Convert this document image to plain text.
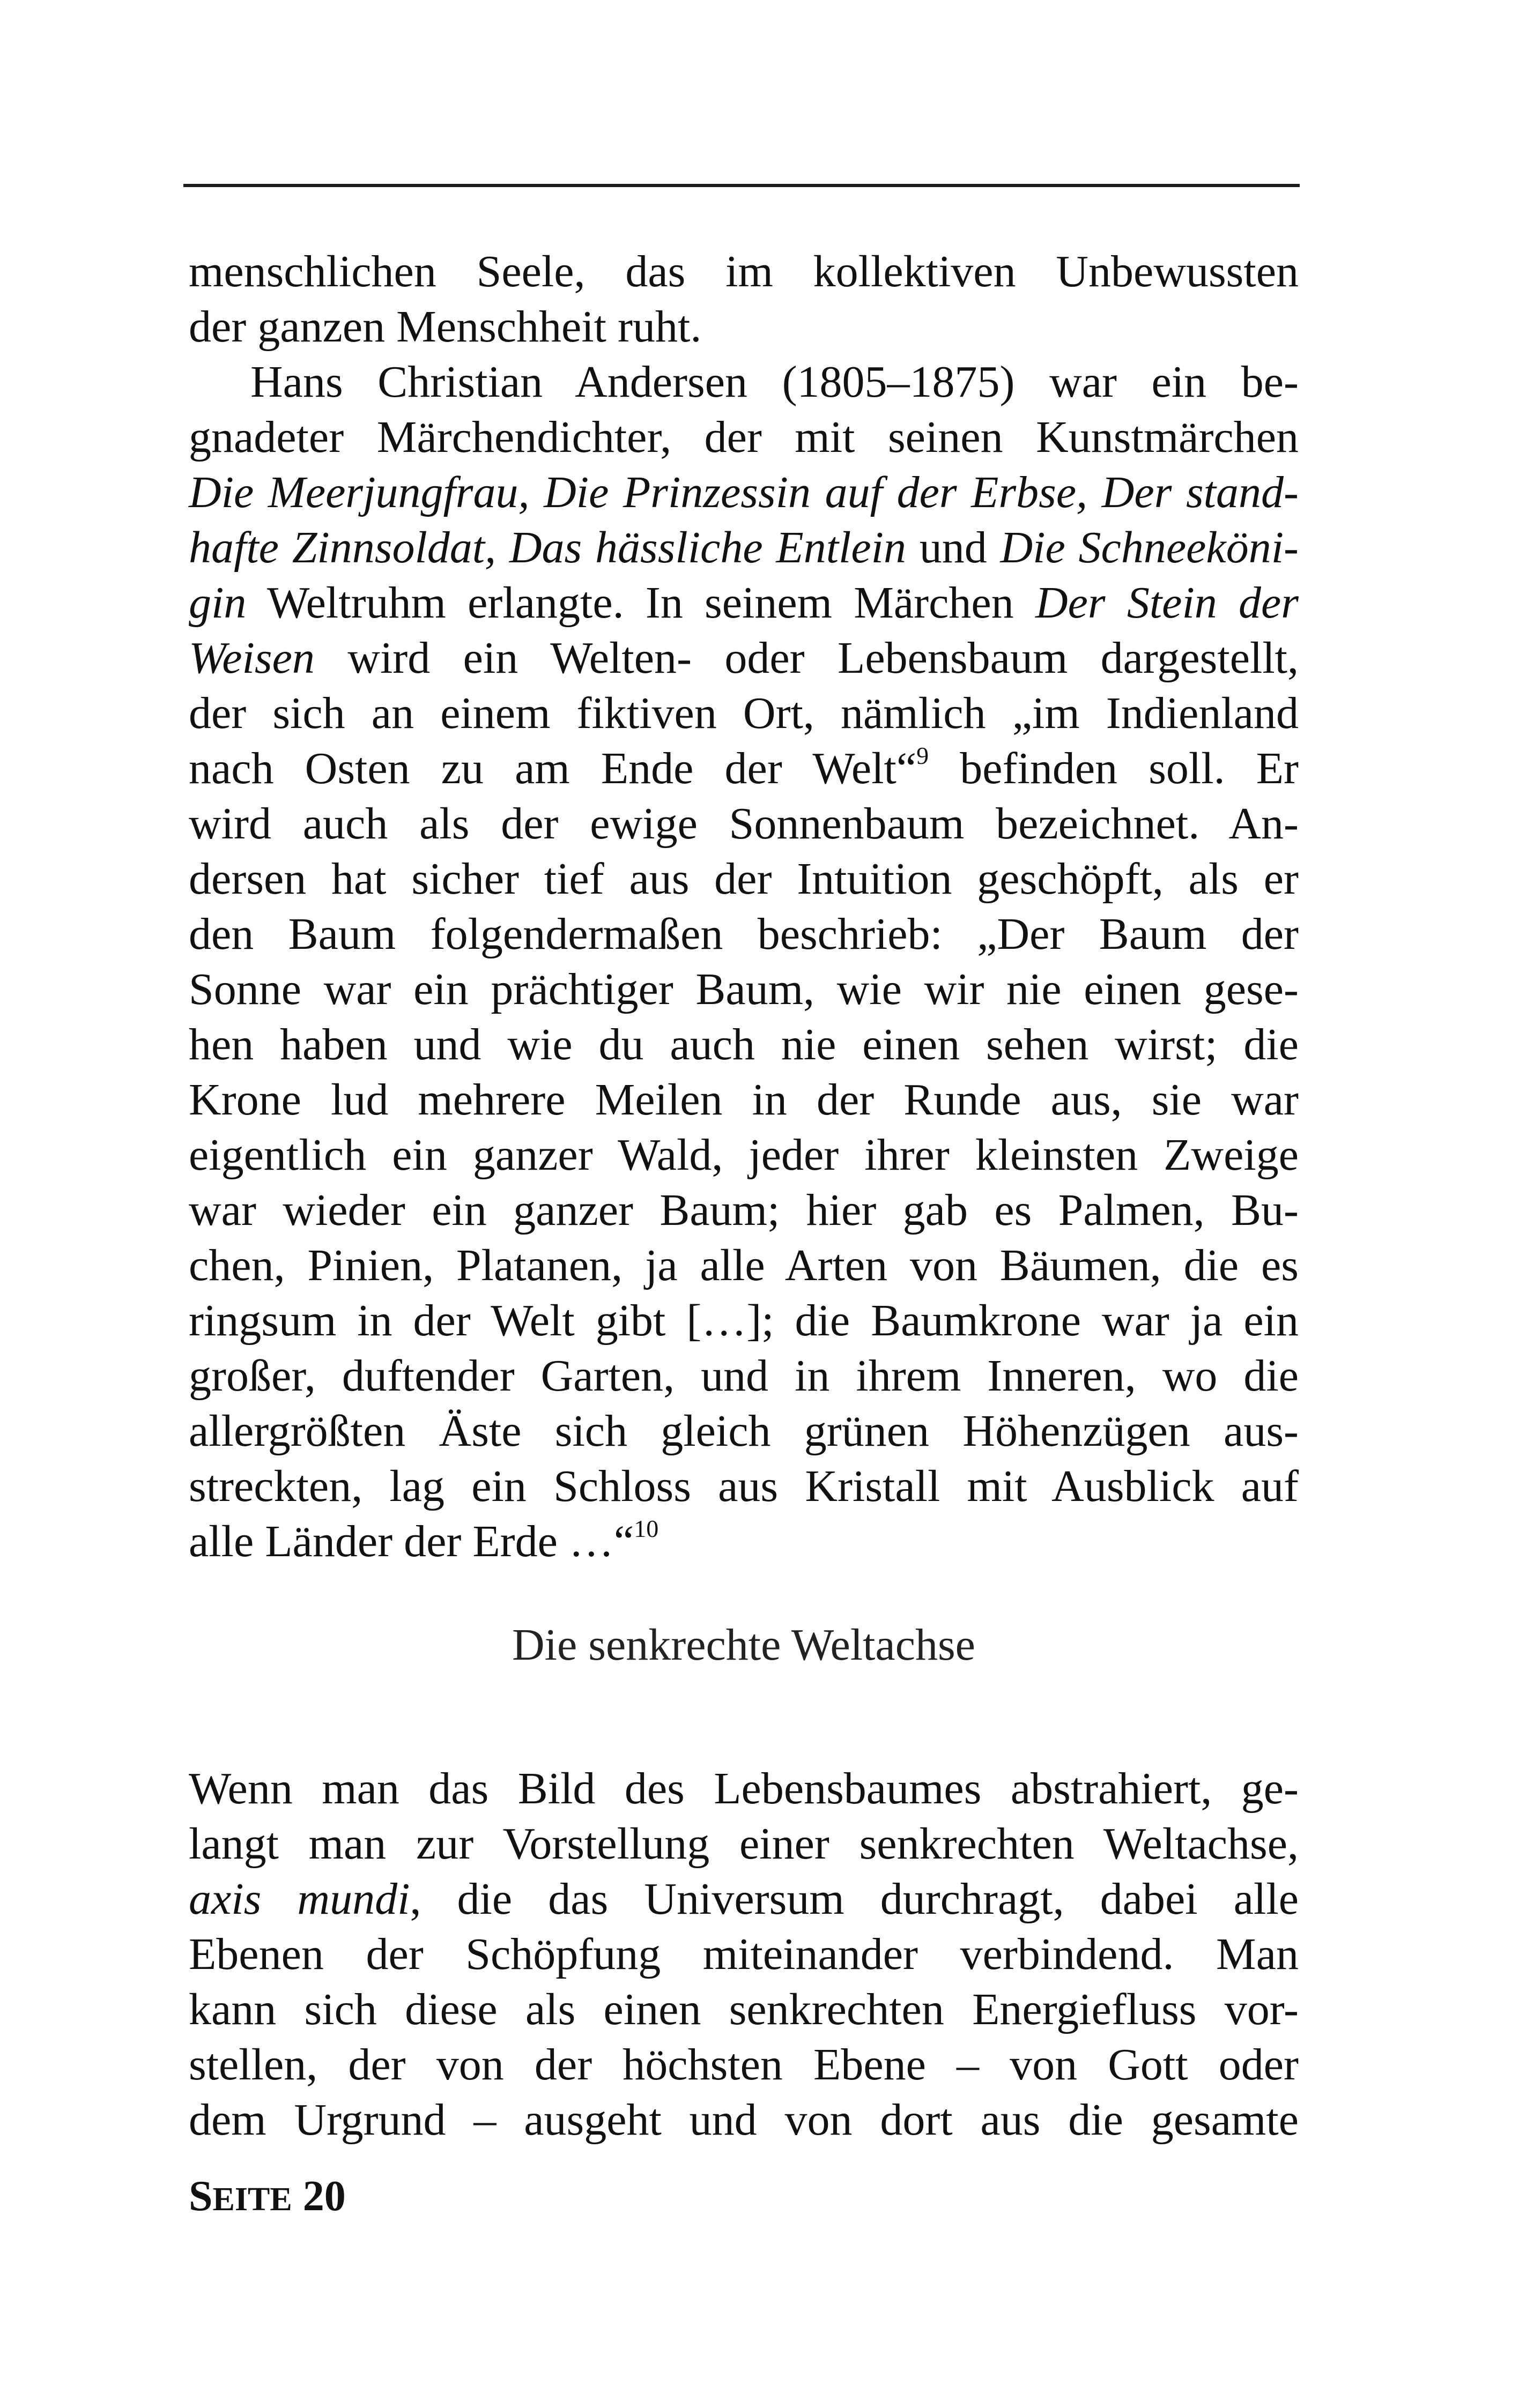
menschlichen Seele, das im kollektiven Unbewussten
der ganzen Menschheit ruht.
Hans Christian Andersen (1805–1875) war ein be-
gnadeter Märchendichter, der mit seinen Kunstmärchen
Die Meerjungfrau, Die Prinzessin auf der Erbse, Der stand-
hafte Zinnsoldat, Das hässliche Entlein und Die Schneeköni-
gin Weltruhm erlangte. In seinem Märchen Der Stein der
Weisen wird ein Welten- oder Lebensbaum dargestellt,
der sich an einem fiktiven Ort, nämlich „im Indienland
nach Osten zu am Ende der Welt“$^9$ befinden soll. Er
wird auch als der ewige Sonnenbaum bezeichnet. An-
dersen hat sicher tief aus der Intuition geschöpft, als er
den Baum folgendermaßen beschrieb: „Der Baum der
Sonne war ein prächtiger Baum, wie wir nie einen gese-
hen haben und wie du auch nie einen sehen wirst; die
Krone lud mehrere Meilen in der Runde aus, sie war
eigentlich ein ganzer Wald, jeder ihrer kleinsten Zweige
war wieder ein ganzer Baum; hier gab es Palmen, Bu-
chen, Pinien, Platanen, ja alle Arten von Bäumen, die es
ringsum in der Welt gibt […]; die Baumkrone war ja ein
großer, duftender Garten, und in ihrem Inneren, wo die
allergrößten Äste sich gleich grünen Höhenzügen aus-
streckten, lag ein Schloss aus Kristall mit Ausblick auf
alle Länder der Erde …“$^{10}$
Die senkrechte Weltachse
Wenn man das Bild des Lebensbaumes abstrahiert, ge-
langt man zur Vorstellung einer senkrechten Weltachse,
axis mundi, die das Universum durchragt, dabei alle
Ebenen der Schöpfung miteinander verbindend. Man
kann sich diese als einen senkrechten Energiefluss vor-
stellen, der von der höchsten Ebene – von Gott oder
dem Urgrund – ausgeht und von dort aus die gesamte
SEITE 20
